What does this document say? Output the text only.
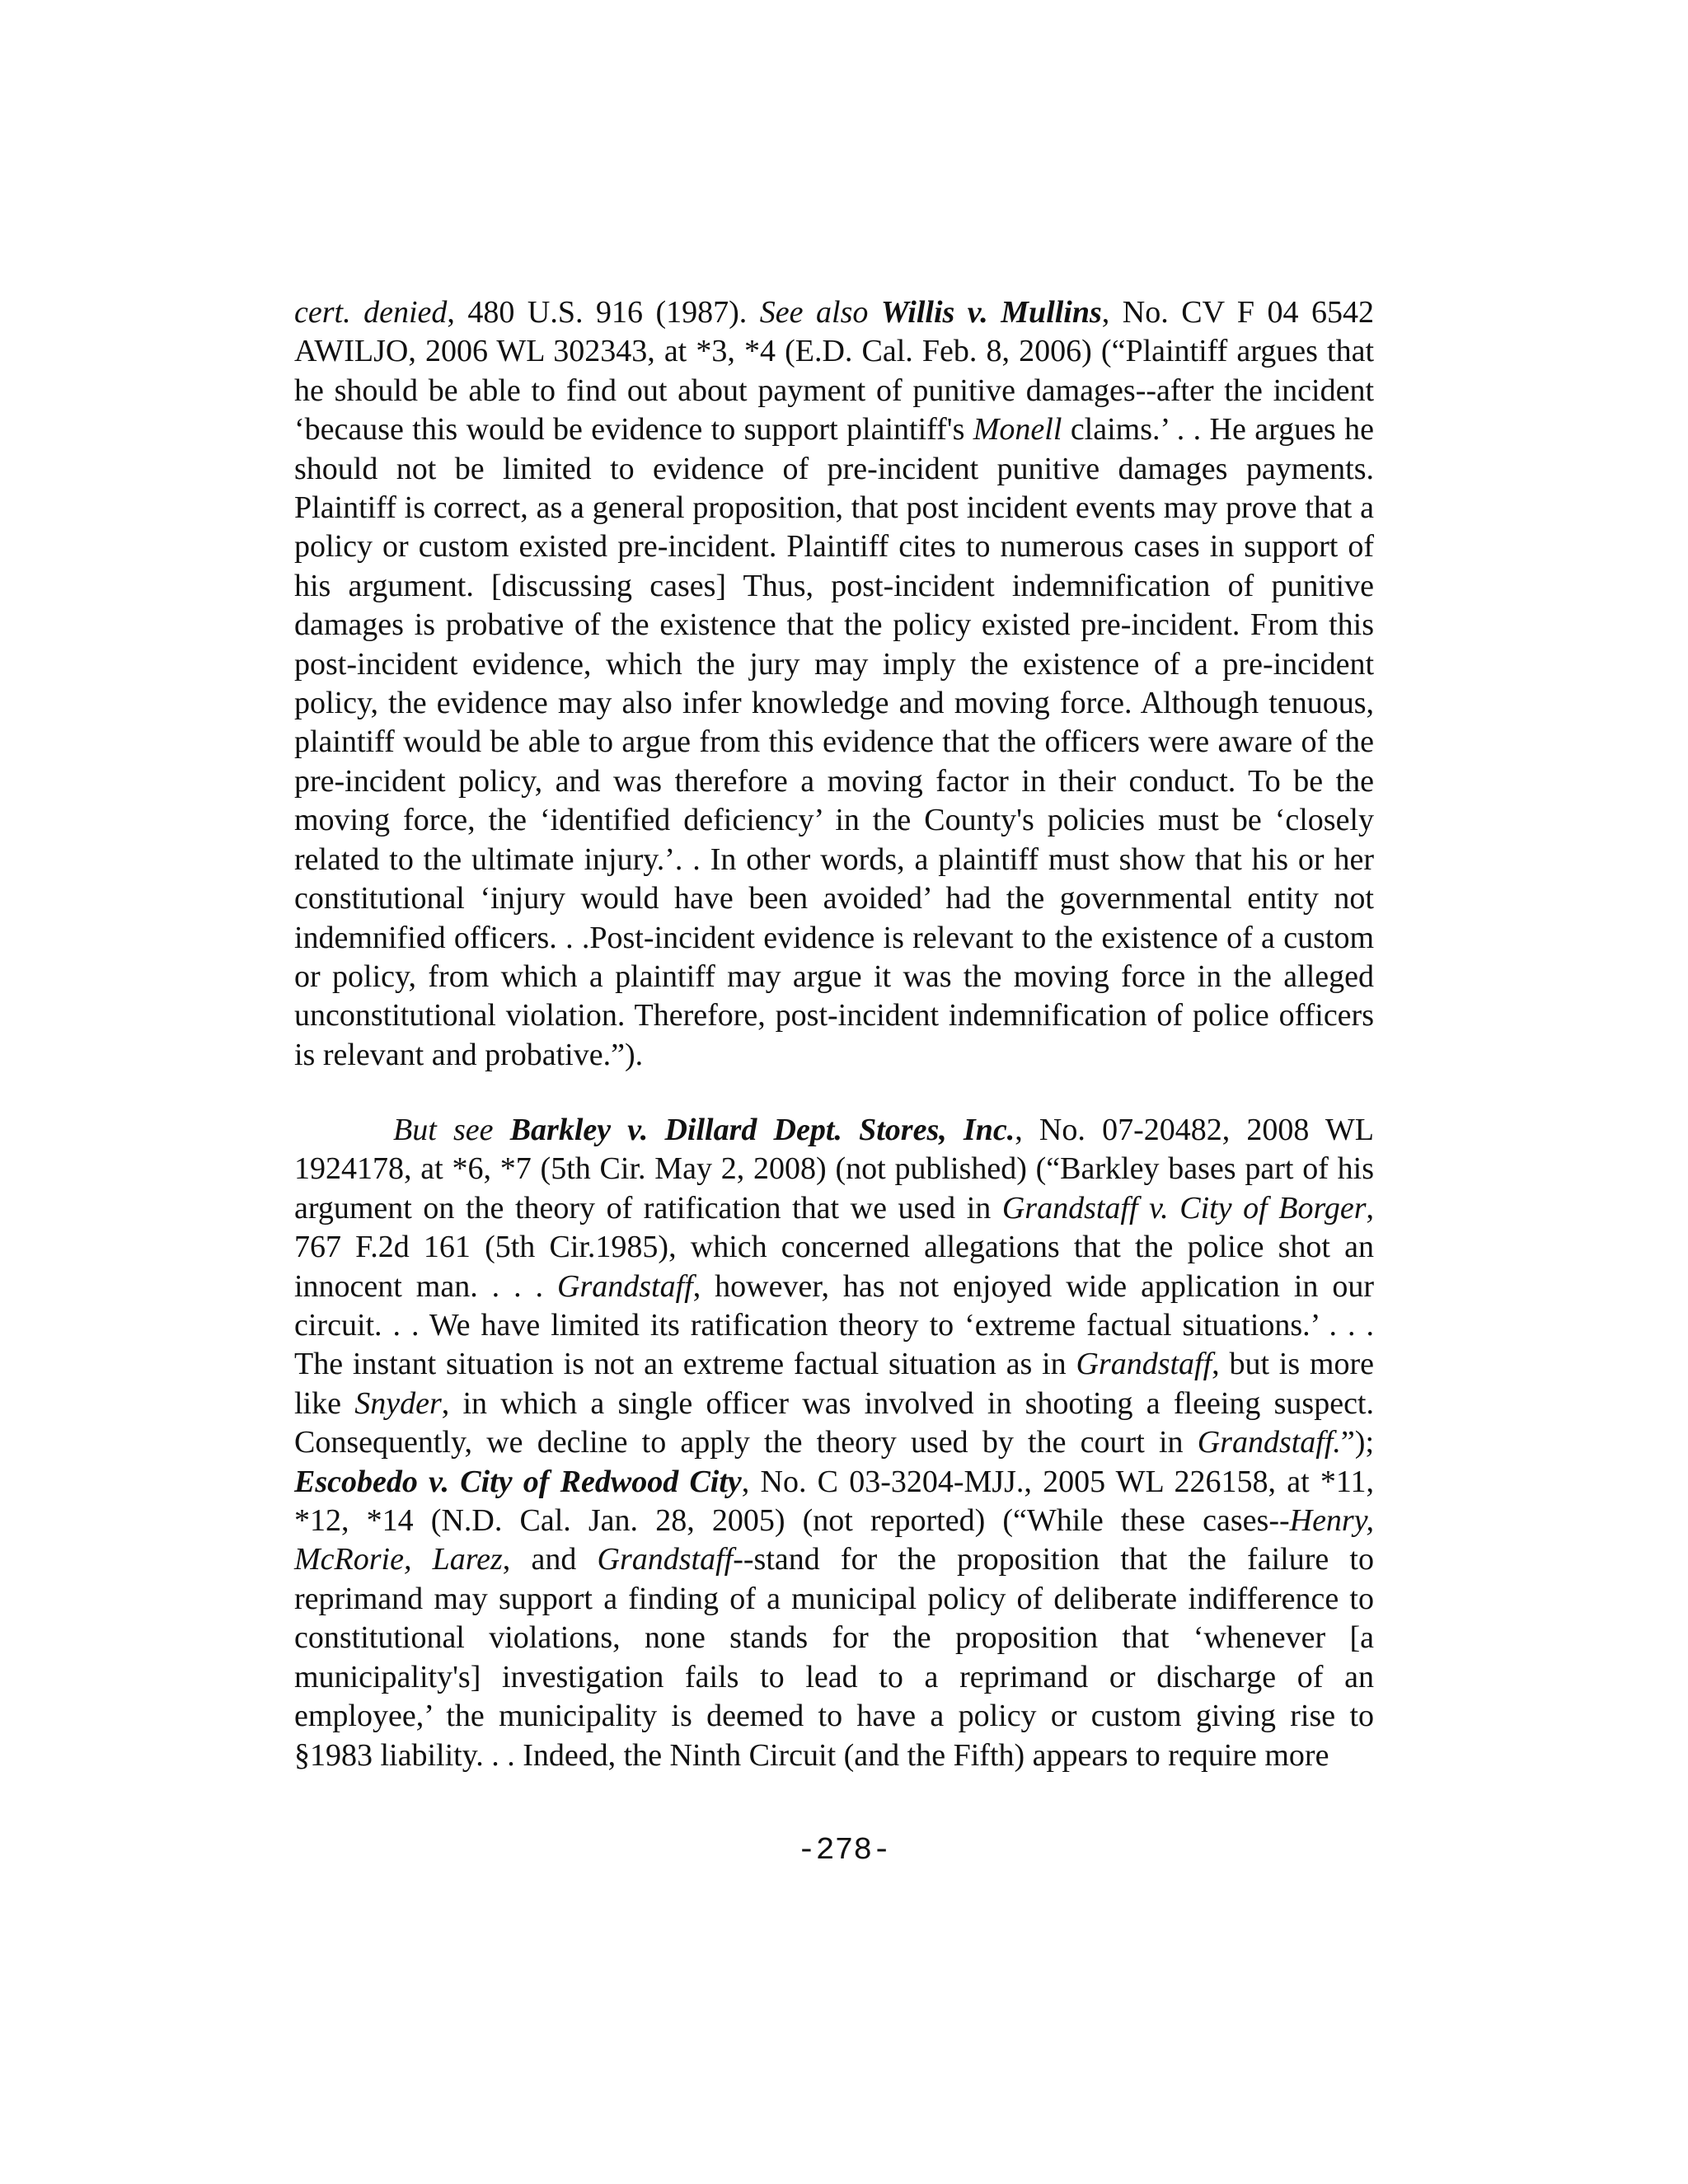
cert. denied, 480 U.S. 916 (1987). See also Willis v. Mullins, No. CV F 04 6542 AWILJO, 2006 WL 302343, at *3, *4 (E.D. Cal. Feb. 8, 2006) (“Plaintiff argues that he should be able to find out about payment of punitive damages--after the incident ‘because this would be evidence to support plaintiff's Monell claims.’ . . He argues he should not be limited to evidence of pre-incident punitive damages payments. Plaintiff is correct, as a general proposition, that post incident events may prove that a policy or custom existed pre-incident. Plaintiff cites to numerous cases in support of his argument. [discussing cases] Thus, post-incident indemnification of punitive damages is probative of the existence that the policy existed pre-incident. From this post-incident evidence, which the jury may imply the existence of a pre-incident policy, the evidence may also infer knowledge and moving force. Although tenuous, plaintiff would be able to argue from this evidence that the officers were aware of the pre-incident policy, and was therefore a moving factor in their conduct. To be the moving force, the ‘identified deficiency’ in the County's policies must be ‘closely related to the ultimate injury.’. . In other words, a plaintiff must show that his or her constitutional ‘injury would have been avoided’ had the governmental entity not indemnified officers. . .Post-incident evidence is relevant to the existence of a custom or policy, from which a plaintiff may argue it was the moving force in the alleged unconstitutional violation. Therefore, post-incident indemnification of police officers is relevant and probative.”).

But see Barkley v. Dillard Dept. Stores, Inc., No. 07-20482, 2008 WL 1924178, at *6, *7 (5th Cir. May 2, 2008) (not published) (“Barkley bases part of his argument on the theory of ratification that we used in Grandstaff v. City of Borger, 767 F.2d 161 (5th Cir.1985), which concerned allegations that the police shot an innocent man. . . . Grandstaff, however, has not enjoyed wide application in our circuit. . . We have limited its ratification theory to ‘extreme factual situations.’ . . . The instant situation is not an extreme factual situation as in Grandstaff, but is more like Snyder, in which a single officer was involved in shooting a fleeing suspect. Consequently, we decline to apply the theory used by the court in Grandstaff.”); Escobedo v. City of Redwood City, No. C 03-3204-MJJ., 2005 WL 226158, at *11, *12, *14 (N.D. Cal. Jan. 28, 2005) (not reported) (“While these cases--Henry, McRorie, Larez, and Grandstaff--stand for the proposition that the failure to reprimand may support a finding of a municipal policy of deliberate indifference to constitutional violations, none stands for the proposition that ‘whenever [a municipality's] investigation fails to lead to a reprimand or discharge of an employee,’ the municipality is deemed to have a policy or custom giving rise to §1983 liability. . . Indeed, the Ninth Circuit (and the Fifth) appears to require more

-278-
